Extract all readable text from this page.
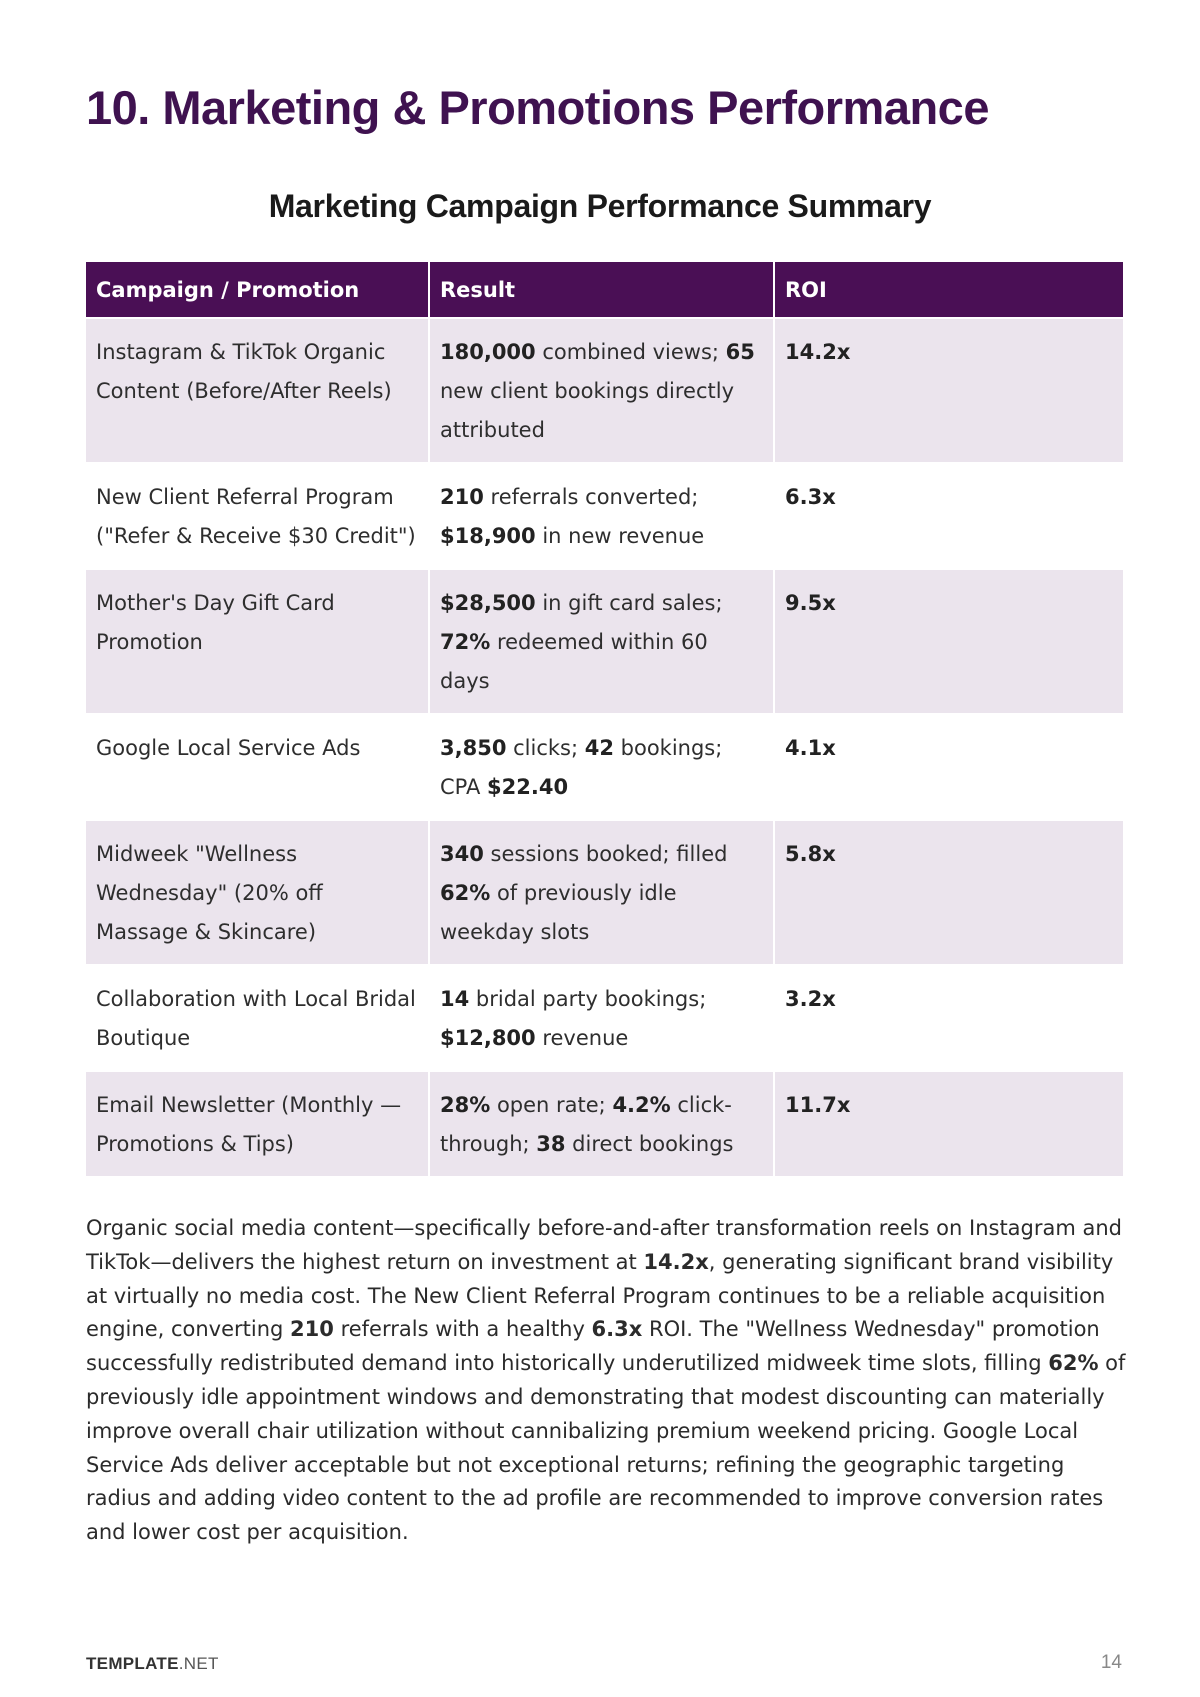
10. Marketing & Promotions Performance
Marketing Campaign Performance Summary
Campaign / Promotion	Result	ROI
Instagram & TikTok Organic Content (Before/After Reels)	180,000 combined views; 65 new client bookings directly attributed	14.2x
New Client Referral Program ("Refer & Receive $30 Credit")	210 referrals converted; $18,900 in new revenue	6.3x
Mother's Day Gift Card Promotion	$28,500 in gift card sales; 72% redeemed within 60 days	9.5x
Google Local Service Ads	3,850 clicks; 42 bookings; CPA $22.40	4.1x
Midweek "Wellness Wednesday" (20% off Massage & Skincare)	340 sessions booked; filled 62% of previously idle weekday slots	5.8x
Collaboration with Local Bridal Boutique	14 bridal party bookings; $12,800 revenue	3.2x
Email Newsletter (Monthly — Promotions & Tips)	28% open rate; 4.2% click-through; 38 direct bookings	11.7x

Organic social media content—specifically before-and-after transformation reels on Instagram and TikTok—delivers the highest return on investment at 14.2x, generating significant brand visibility at virtually no media cost. The New Client Referral Program continues to be a reliable acquisition engine, converting 210 referrals with a healthy 6.3x ROI. The "Wellness Wednesday" promotion successfully redistributed demand into historically underutilized midweek time slots, filling 62% of previously idle appointment windows and demonstrating that modest discounting can materially improve overall chair utilization without cannibalizing premium weekend pricing. Google Local Service Ads deliver acceptable but not exceptional returns; refining the geographic targeting radius and adding video content to the ad profile are recommended to improve conversion rates and lower cost per acquisition.

TEMPLATE.NET	14
